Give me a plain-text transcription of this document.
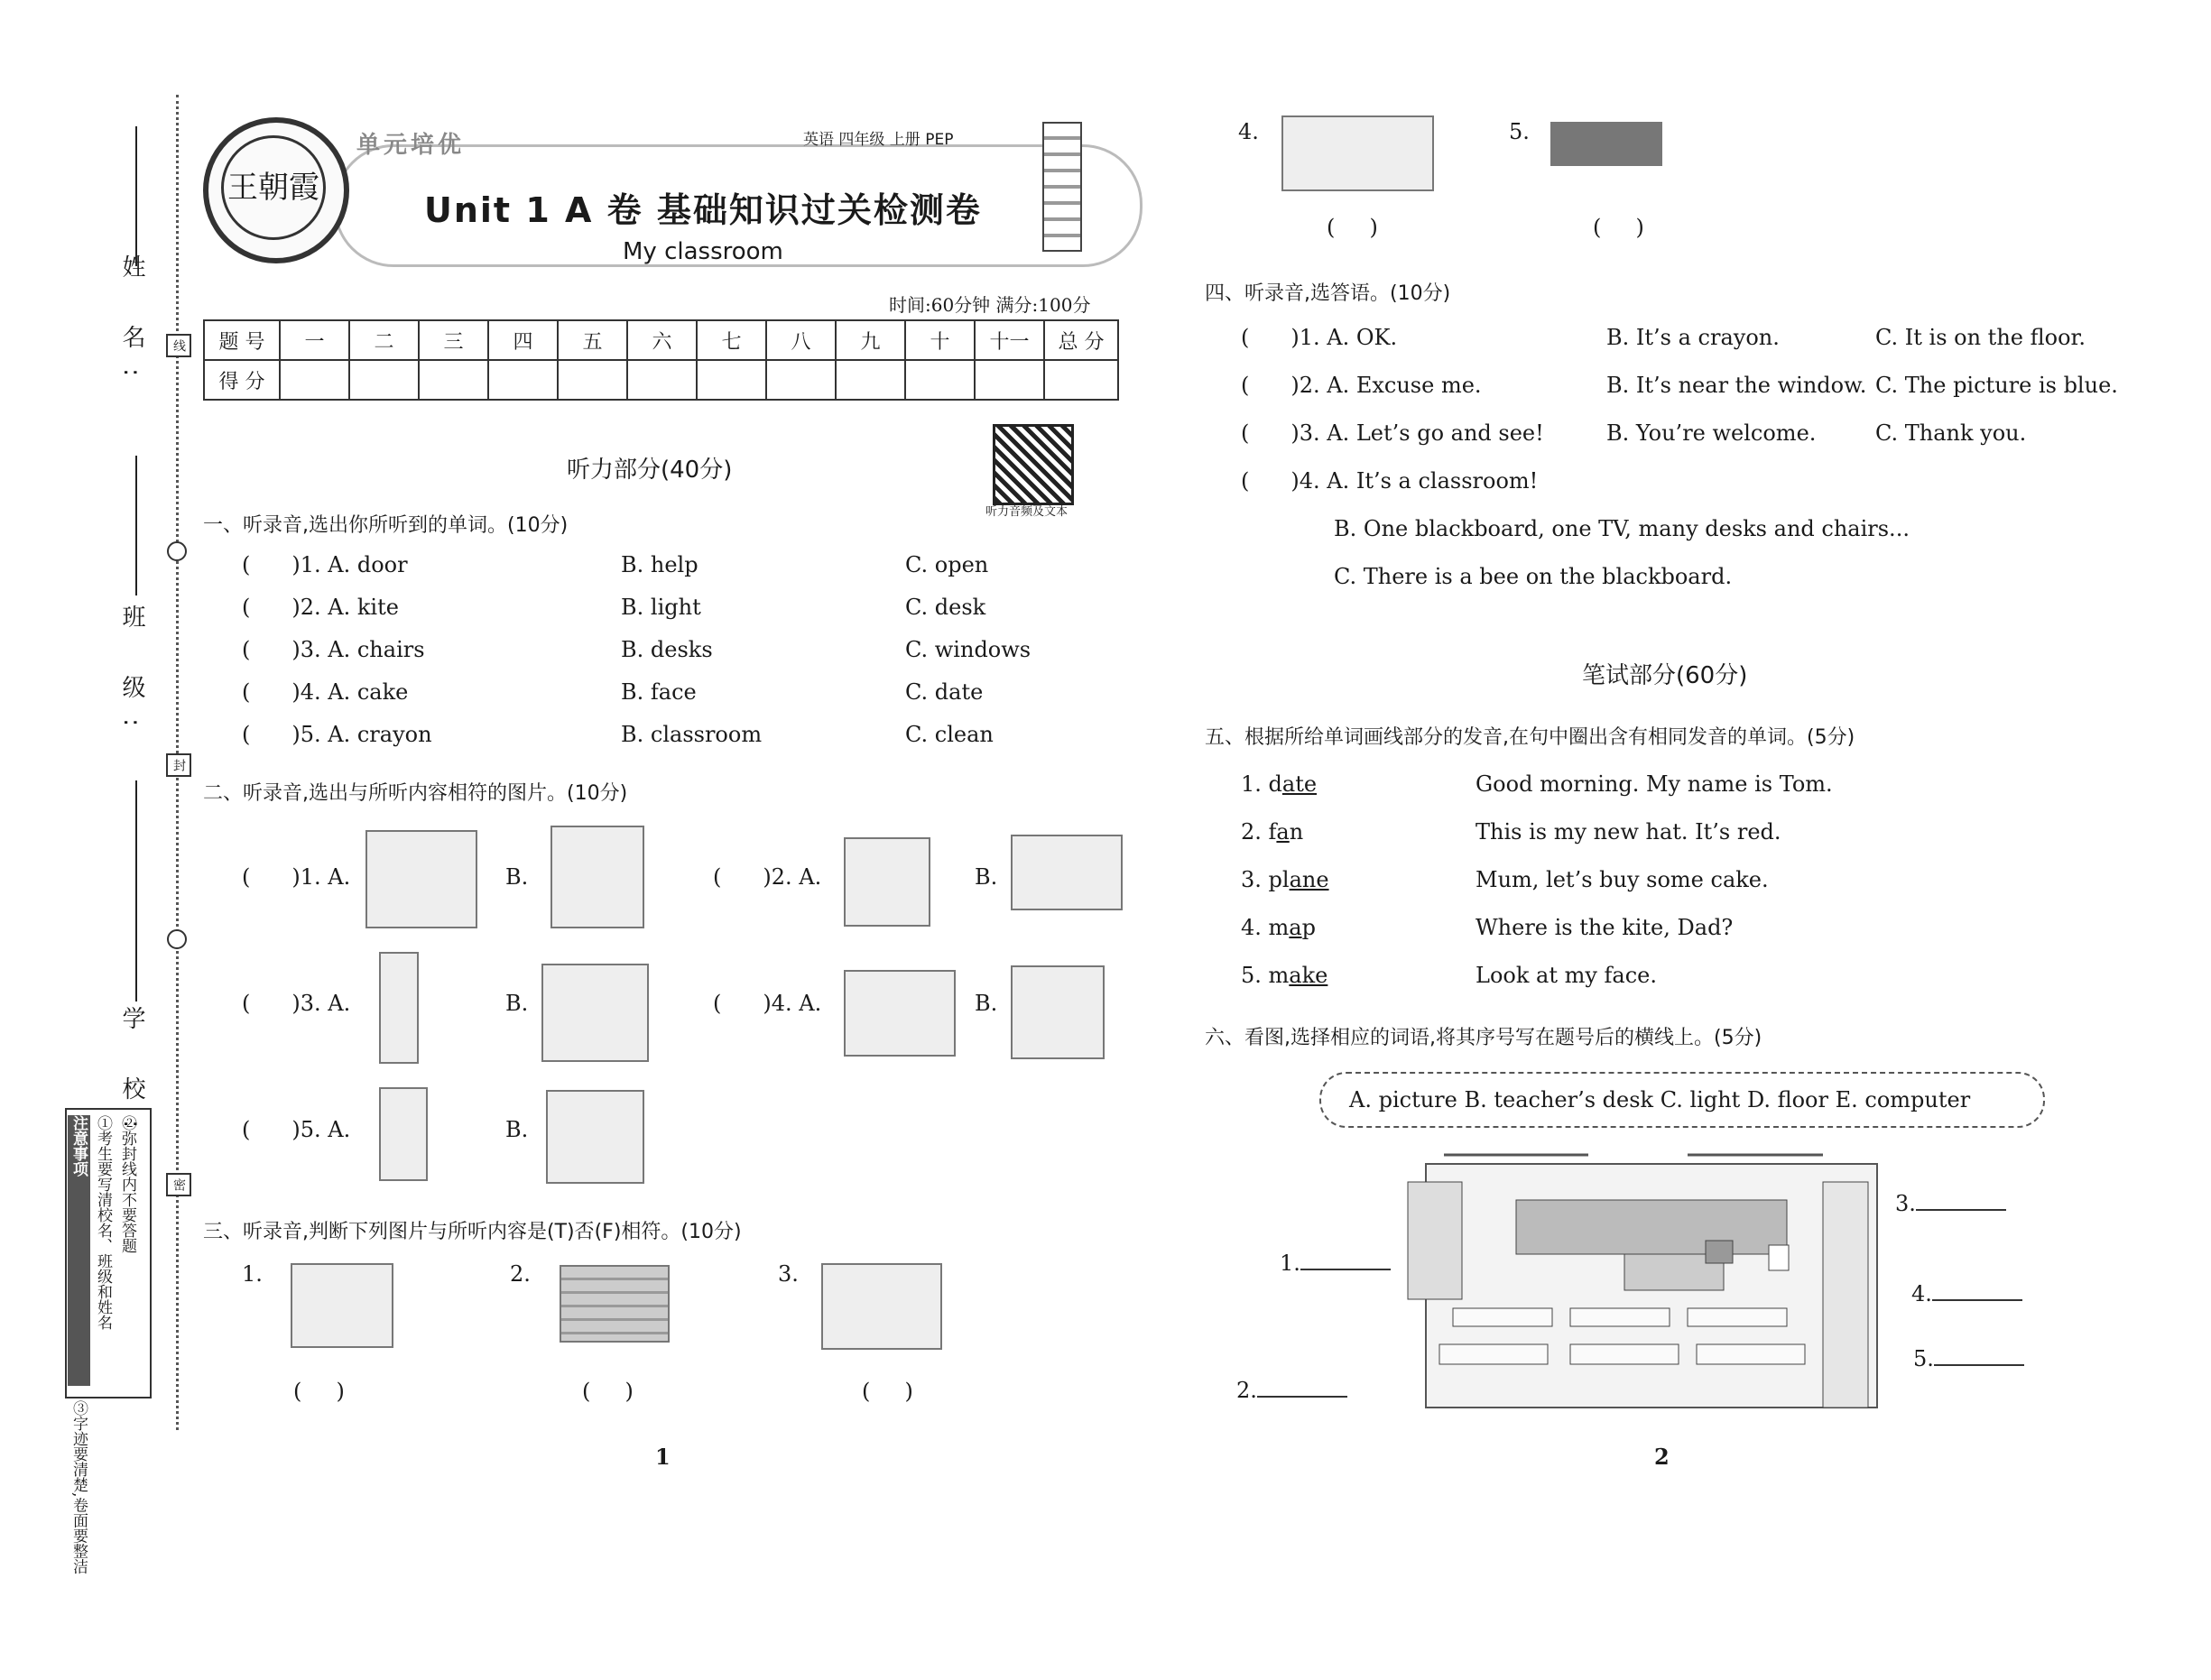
姓 名:
班 级:
学 校:
线
封
密
注意事项 ①考生要写清校名、班级和姓名 ②弥封线内不要答题③字迹要清楚,卷面要整洁
王朝霞
单元培优	英语 四年级 上册 PEP
Unit 1 A 卷 基础知识过关检测卷
My classroom
时间:60分钟 满分:100分
题 号	一	二	三	四	五	六	七	八	九	十	十一	总 分
得 分												
听力音频及文本
听力部分(40分)
一、听录音,选出你所听到的单词。(10分)
( )1. A. door	B. help	C. open
( )2. A. kite	B. light	C. desk
( )3. A. chairs	B. desks	C. windows
( )4. A. cake	B. face	C. date
( )5. A. crayon	B. classroom	C. clean
二、听录音,选出与所听内容相符的图片。(10分)
( )1. A.	B.	( )2. A.	B.
( )3. A.	B.	( )4. A.	B.
( )5. A.	B.
三、听录音,判断下列图片与所听内容是(T)否(F)相符。(10分)
1.
(     )
2.
(     )
3.
(     )
1
4.
(     )
5.
(     )
四、听录音,选答语。(10分)
( )1. A. OK.	B. It’s a crayon.	C. It is on the floor.
( )2. A. Excuse me.	B. It’s near the window. C. The picture is blue.
( )3. A. Let’s go and see!	B. You’re welcome.	C. Thank you.
( )4. A. It’s a classroom!
B. One blackboard, one TV, many desks and chairs...
C. There is a bee on the blackboard.
笔试部分(60分)
五、根据所给单词画线部分的发音,在句中圈出含有相同发音的单词。(5分)
1. date	Good morning. My name is Tom.
2. fan	This is my new hat. It’s red.
3. plane	Mum, let’s buy some cake.
4. map	Where is the kite, Dad?
5. make	Look at my face.
六、看图,选择相应的词语,将其序号写在题号后的横线上。(5分)
A. picture B. teacher’s desk C. light D. floor E. computer
1.
2.
3.
4.
5.
2
